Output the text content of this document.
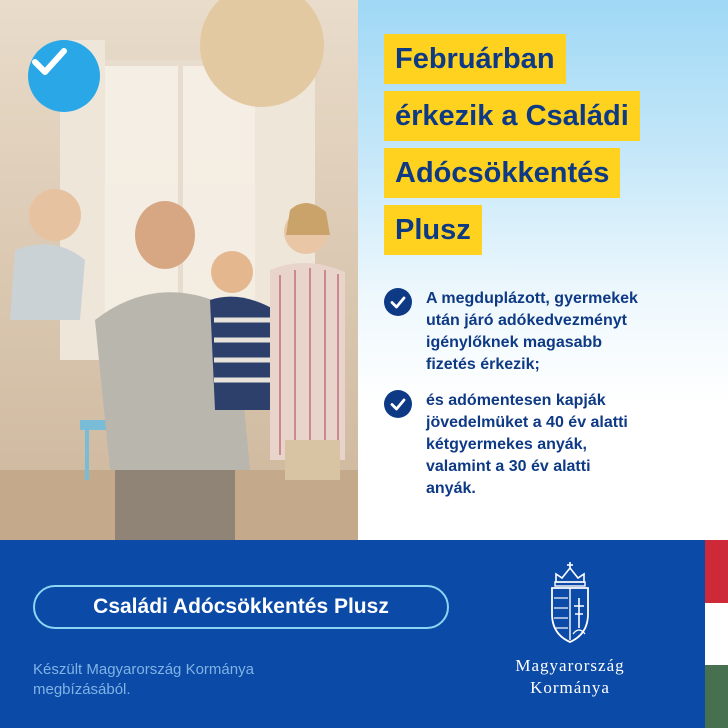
Februárban
érkezik a Családi
Adócsökkentés
Plusz
A megduplázott, gyermekek
után járó adókedvezményt
igénylőknek magasabb
fizetés érkezik;
és adómentesen kapják
jövedelmüket a 40 év alatti
kétgyermekes anyák,
valamint a 30 év alatti
anyák.
Családi Adócsökkentés Plusz
Készült Magyarország Kormánya
megbízásából.
Magyarország
Kormánya
